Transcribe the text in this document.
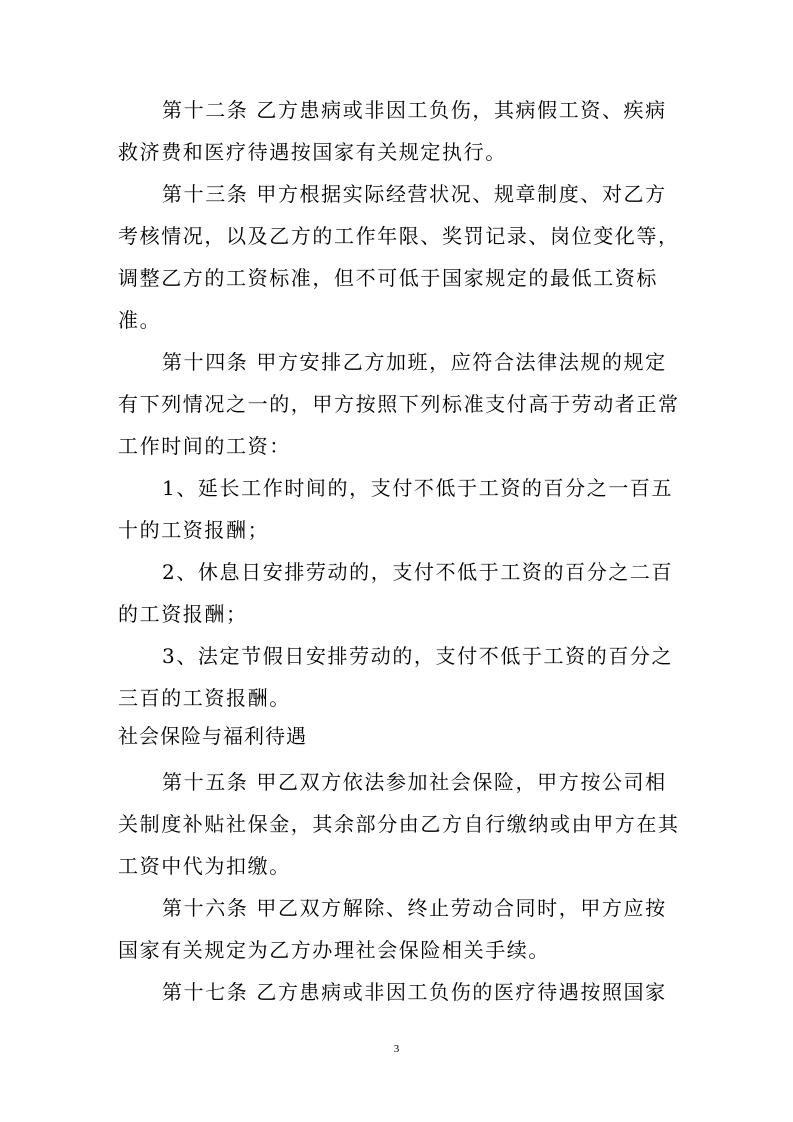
第十二条 乙方患病或非因工负伤，其病假工资、疾病
救济费和医疗待遇按国家有关规定执行。
第十三条 甲方根据实际经营状况、规章制度、对乙方
考核情况，以及乙方的工作年限、奖罚记录、岗位变化等，
调整乙方的工资标准，但不可低于国家规定的最低工资标
准。
第十四条 甲方安排乙方加班，应符合法律法规的规定
有下列情况之一的，甲方按照下列标准支付高于劳动者正常
工作时间的工资：
1、延长工作时间的，支付不低于工资的百分之一百五
十的工资报酬；
2、休息日安排劳动的，支付不低于工资的百分之二百
的工资报酬；
3、法定节假日安排劳动的，支付不低于工资的百分之
三百的工资报酬。
社会保险与福利待遇
第十五条 甲乙双方依法参加社会保险，甲方按公司相
关制度补贴社保金，其余部分由乙方自行缴纳或由甲方在其
工资中代为扣缴。
第十六条 甲乙双方解除、终止劳动合同时，甲方应按
国家有关规定为乙方办理社会保险相关手续。
第十七条 乙方患病或非因工负伤的医疗待遇按照国家
3
